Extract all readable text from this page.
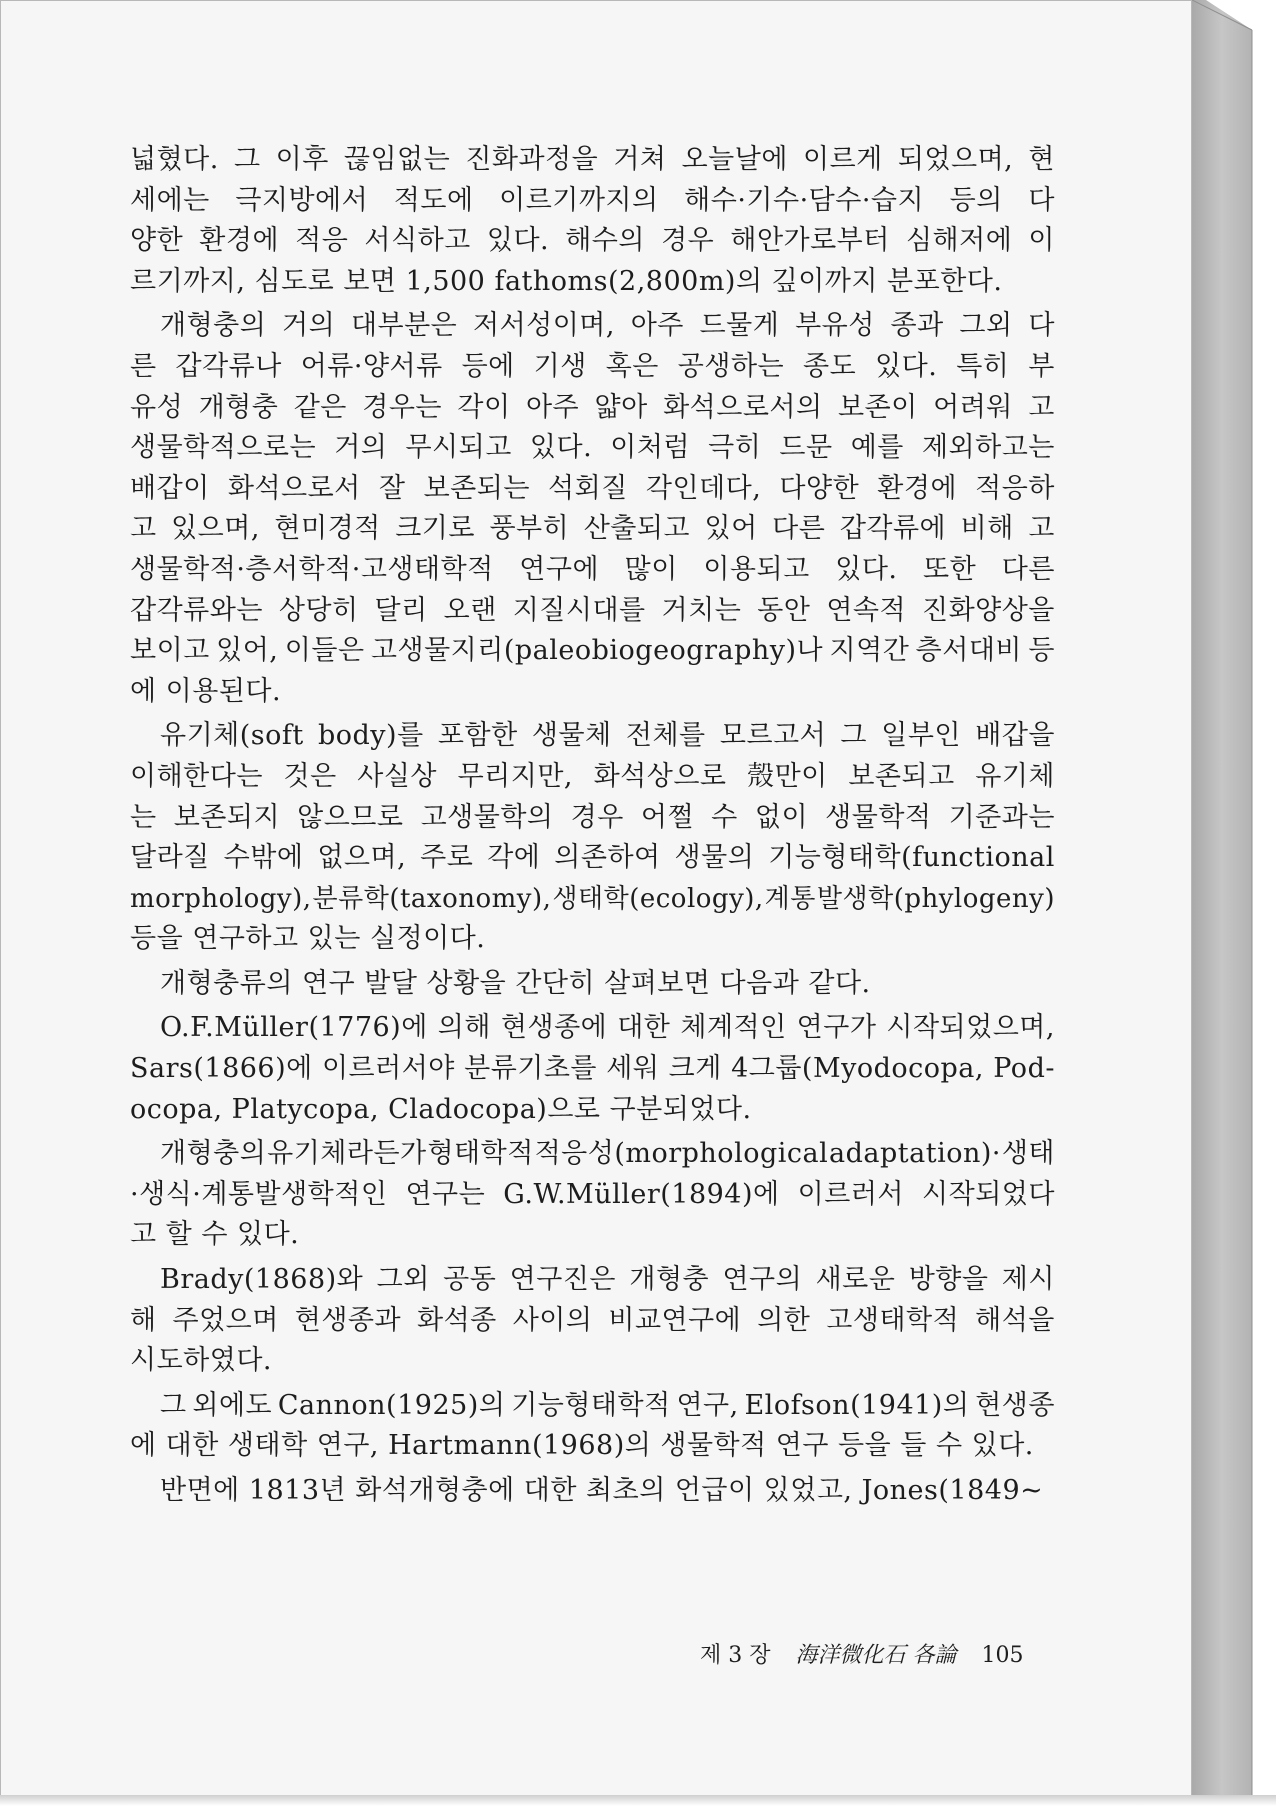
넓혔다. 그 이후 끊임없는 진화과정을 거쳐 오늘날에 이르게 되었으며, 현
세에는 극지방에서 적도에 이르기까지의 해수·기수·담수·습지 등의 다
양한 환경에 적응 서식하고 있다. 해수의 경우 해안가로부터 심해저에 이
르기까지, 심도로 보면 1,500 fathoms(2,800m)의 깊이까지 분포한다.
개형충의 거의 대부분은 저서성이며, 아주 드물게 부유성 종과 그외 다
른 갑각류나 어류·양서류 등에 기생 혹은 공생하는 종도 있다. 특히 부
유성 개형충 같은 경우는 각이 아주 얇아 화석으로서의 보존이 어려워 고
생물학적으로는 거의 무시되고 있다. 이처럼 극히 드문 예를 제외하고는
배갑이 화석으로서 잘 보존되는 석회질 각인데다, 다양한 환경에 적응하
고 있으며, 현미경적 크기로 풍부히 산출되고 있어 다른 갑각류에 비해 고
생물학적·층서학적·고생태학적 연구에 많이 이용되고 있다. 또한 다른
갑각류와는 상당히 달리 오랜 지질시대를 거치는 동안 연속적 진화양상을
보이고 있어, 이들은 고생물지리(paleobiogeography)나 지역간 층서대비 등
에 이용된다.
유기체(soft body)를 포함한 생물체 전체를 모르고서 그 일부인 배갑을
이해한다는 것은 사실상 무리지만, 화석상으로 殼만이 보존되고 유기체
는 보존되지 않으므로 고생물학의 경우 어쩔 수 없이 생물학적 기준과는
달라질 수밖에 없으며, 주로 각에 의존하여 생물의 기능형태학(functional
morphology), 분류학(taxonomy), 생태학(ecology), 계통 발생학(phylogeny)
등을 연구하고 있는 실정이다.
개형충류의 연구 발달 상황을 간단히 살펴보면 다음과 같다.
O.F.Müller(1776)에 의해 현생종에 대한 체계적인 연구가 시작되었으며,
Sars(1866)에 이르러서야 분류기초를 세워 크게 4그룹(Myodocopa, Pod-
ocopa, Platycopa, Cladocopa)으로 구분되었다.
개형충의 유기체라든가 형태학적 적응성(morphological adaptation)· 생태
·생식·계통발생학적인 연구는 G.W.Müller(1894)에 이르러서 시작되었다
고 할 수 있다.
Brady(1868)와 그외 공동 연구진은 개형충 연구의 새로운 방향을 제시
해 주었으며 현생종과 화석종 사이의 비교연구에 의한 고생태학적 해석을
시도하였다.
그 외에도 Cannon(1925)의 기능형태학적 연구, Elofson(1941)의 현생종
에 대한 생태학 연구, Hartmann(1968)의 생물학적 연구 등을 들 수 있다.
반면에 1813년 화석개형충에 대한 최초의 언급이 있었고, Jones(1849~
제 3 장 海洋微化石 各論 105
